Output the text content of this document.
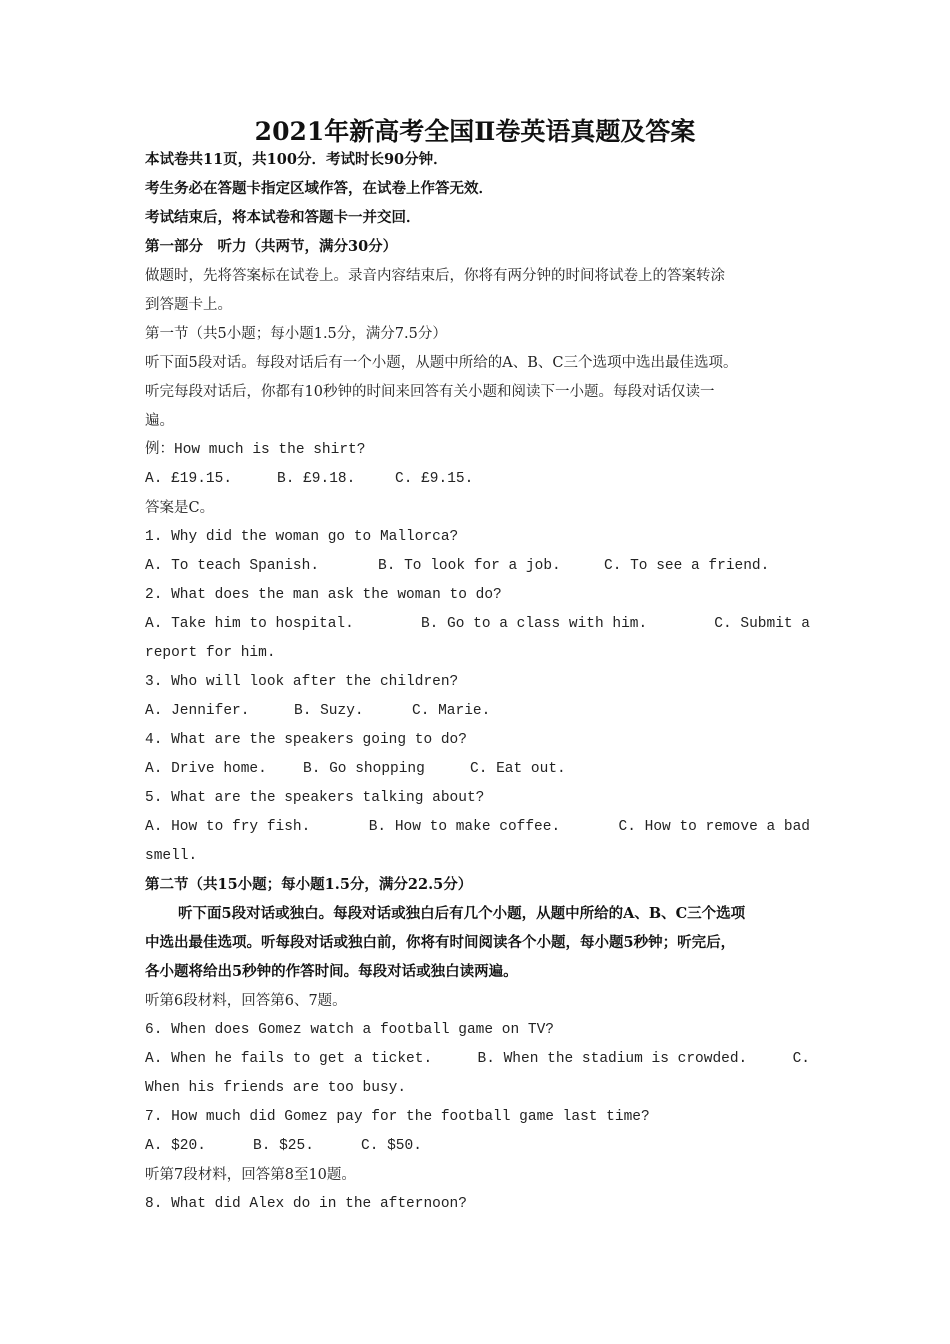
2021年新高考全国Ⅱ卷英语真题及答案
本试卷共11页，共100分．考试时长90分钟．
考生务必在答题卡指定区域作答，在试卷上作答无效．
考试结束后，将本试卷和答题卡一并交回．
第一部分　听力（共两节，满分30分）
做题时，先将答案标在试卷上。录音内容结束后，你将有两分钟的时间将试卷上的答案转涂
到答题卡上。
第一节（共5小题；每小题1.5分，满分7.5分）
听下面5段对话。每段对话后有一个小题，从题中所给的A、B、C三个选项中选出最佳选项。
听完每段对话后，你都有10秒钟的时间来回答有关小题和阅读下一小题。每段对话仅读一
遍。
例：How much is the shirt?
A. £19.15.	B. £9.18.	C. £9.15.
答案是C。
1. Why did the woman go to Mallorca?
A. To teach Spanish.	B. To look for a job.	C. To see a friend.
2. What does the man ask the woman to do?
A. Take him to hospital.	B. Go to a class with him.	C. Submit a
report for him.
3. Who will look after the children?
A. Jennifer.	B. Suzy.	C. Marie.
4. What are the speakers going to do?
A. Drive home.	B. Go shopping	C. Eat out.
5. What are the speakers talking about?
A. How to fry fish.	B. How to make coffee.	C. How to remove a bad
smell.
第二节（共15小题；每小题1.5分，满分22.5分）
听下面5段对话或独白。每段对话或独白后有几个小题，从题中所给的A、B、C三个选项
中选出最佳选项。听每段对话或独白前，你将有时间阅读各个小题，每小题5秒钟；听完后，
各小题将给出5秒钟的作答时间。每段对话或独白读两遍。
听第6段材料，回答第6、7题。
6. When does Gomez watch a football game on TV?
A. When he fails to get a ticket.	B. When the stadium is crowded.	C.
When his friends are too busy.
7. How much did Gomez pay for the football game last time?
A. $20.	B. $25.	C. $50.
听第7段材料，回答第8至10题。
8. What did Alex do in the afternoon?
